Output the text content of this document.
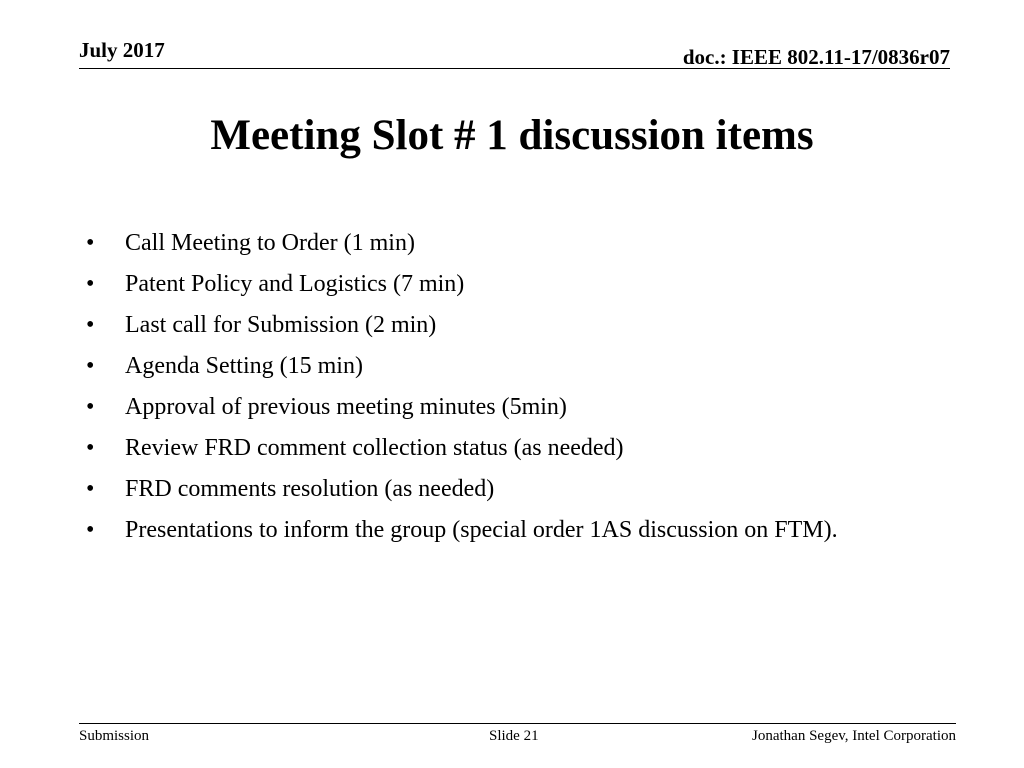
July 2017	doc.: IEEE 802.11-17/0836r07
Meeting Slot # 1 discussion items
• Call Meeting to Order (1 min)
• Patent Policy and Logistics (7 min)
• Last call for Submission (2 min)
• Agenda Setting (15 min)
• Approval of previous meeting minutes (5min)
• Review FRD comment collection status (as needed)
• FRD comments resolution (as needed)
• Presentations to inform the group (special order 1AS discussion on FTM).
Submission	Slide 21	Jonathan Segev, Intel Corporation
